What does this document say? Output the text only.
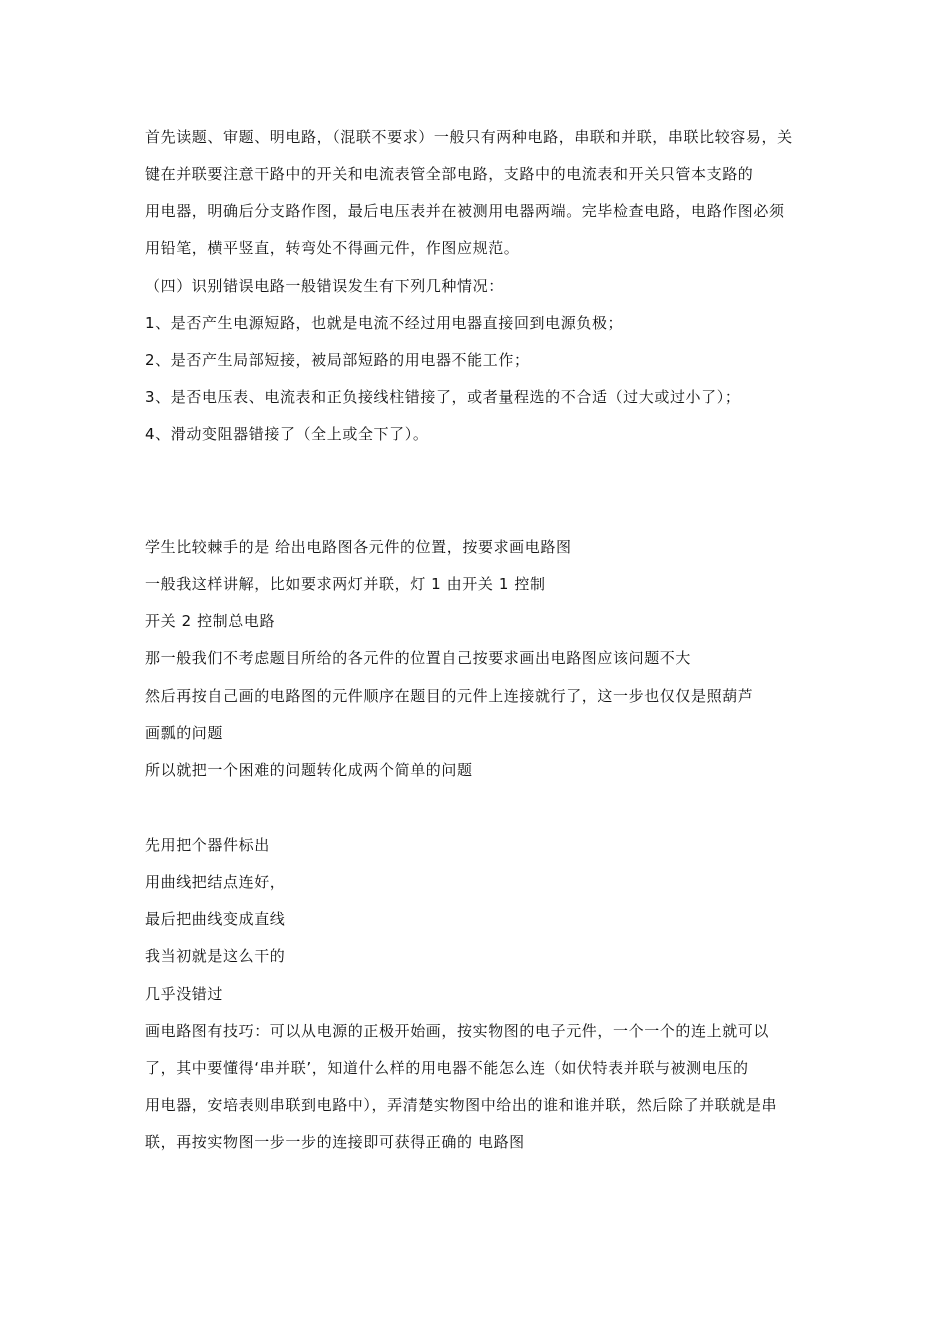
首先读题、审题、明电路，（混联不要求）一般只有两种电路，串联和并联，串联比较容易，关
键在并联要注意干路中的开关和电流表管全部电路，支路中的电流表和开关只管本支路的
用电器，明确后分支路作图，最后电压表并在被测用电器两端。完毕检查电路，电路作图必须
用铅笔，横平竖直，转弯处不得画元件，作图应规范。
（四）识别错误电路一般错误发生有下列几种情况：
1、是否产生电源短路，也就是电流不经过用电器直接回到电源负极；
2、是否产生局部短接，被局部短路的用电器不能工作；
3、是否电压表、电流表和正负接线柱错接了，或者量程选的不合适（过大或过小了）；
4、滑动变阻器错接了（全上或全下了）。
学生比较棘手的是 给出电路图各元件的位置，按要求画电路图
一般我这样讲解，比如要求两灯并联，灯 1 由开关 1 控制
开关 2 控制总电路
那一般我们不考虑题目所给的各元件的位置自己按要求画出电路图应该问题不大
然后再按自己画的电路图的元件顺序在题目的元件上连接就行了，这一步也仅仅是照葫芦
画瓢的问题
所以就把一个困难的问题转化成两个简单的问题
先用把个器件标出
用曲线把结点连好，
最后把曲线变成直线
我当初就是这么干的
几乎没错过
画电路图有技巧：可以从电源的正极开始画，按实物图的电子元件，一个一个的连上就可以
了，其中要懂得‘串并联’，知道什么样的用电器不能怎么连（如伏特表并联与被测电压的
用电器，安培表则串联到电路中），弄清楚实物图中给出的谁和谁并联，然后除了并联就是串
联，再按实物图一步一步的连接即可获得正确的 电路图
